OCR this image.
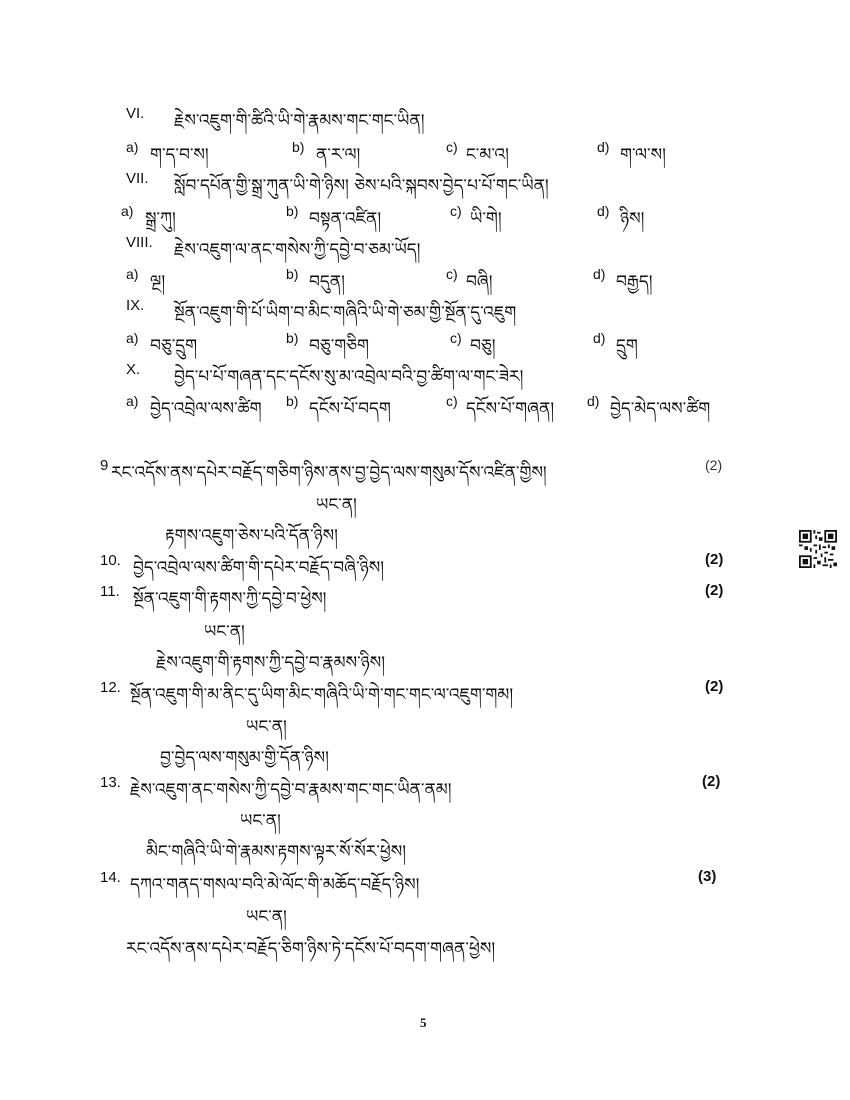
VI. རྗེས་འཇུག་གི་ཚིའི་ཡི་གེ་རྣམས་གང་གང་ཡིན།
a) ག་ད་བ་ས།	b) ན་ར་ལ།	c) ང་མ་འ།	d) ག་ལ་ས།
VII. སློབ་དཔོན་གྱི་སྒྲ་ཀུན་ཡི་གེ་ཉིས། ཅེས་པའི་སྐབས་བྱེད་པ་པོ་གང་ཡིན།
a) སྒྲ་ཀུ།	b) བསྟན་འཛིན།	c) ཡི་གེ།	d) ཉིས།
VIII. རྗེས་འཇུག་ལ་ནང་གསེས་ཀྱི་དབྱེ་བ་ཅམ་ཡོད།
a) ལྔ།	b) བདུན།	c) བཞི།	d) བརྒྱད།
IX. སྔོན་འཇུག་གི་པོ་ཡིག་བ་མིང་གཞིའི་ཡི་གེ་ཅམ་གྱི་སྔོན་དུ་འཇུག
a) བཅུ་དྲུག	b) བཅུ་གཅིག	c) བཅུ།	d) དྲུག
X. བྱེད་པ་པོ་གཞན་དང་དངོས་སུ་མ་འབྲེལ་བའི་བྱ་ཚིག་ལ་གང་ཟེར།
a) བྱེད་འབྲེལ་ལས་ཚིག b) དངོས་པོ་བདག	c) དངོས་པོ་གཞན། d) བྱེད་མེད་ལས་ཚིག
9 རང་འདོས་ནས་དཔེར་བརྗོད་གཅིག་ཉིས་ནས་བྱ་བྱེད་ལས་གསུམ་དོས་འཛིན་གྱིས།	(2)
ཡང་ན།
རྟགས་འཇུག་ཅེས་པའི་དོན་ཉིས།
10. བྱེད་འབྲེལ་ལས་ཚིག་གི་དཔེར་བརྗོད་བཞི་ཉིས།	(2)
11. སྔོན་འཇུག་གི་རྟགས་ཀྱི་དབྱེ་བ་ཕྱེས།	(2)
ཡང་ན།
རྗེས་འཇུག་གི་རྟགས་ཀྱི་དབྱེ་བ་རྣམས་ཉིས།
12. སྔོན་འཇུག་གི་མ་ནིང་དུ་ཡིག་མིང་གཞིའི་ཡི་གེ་གང་གང་ལ་འཇུག་གམ།	(2)
ཡང་ན།
བྱ་བྱེད་ལས་གསུམ་གྱི་དོན་ཉིས།
13. རྗེས་འཇུག་ནང་གསེས་ཀྱི་དབྱེ་བ་རྣམས་གང་གང་ཡིན་ནམ།	(2)
ཡང་ན།
མིང་གཞིའི་ཡི་གེ་རྣམས་རྟགས་ལྟར་སོ་སོར་ཕྱེས།
14. དཀའ་གནད་གསལ་བའི་མེ་ལོང་གི་མཆོད་བརྗོད་ཉིས།	(3)
ཡང་ན།
རང་འདོས་ནས་དཔེར་བརྗོད་ཅིག་ཉིས་ཏེ་དངོས་པོ་བདག་གཞན་ཕྱེས།
5
